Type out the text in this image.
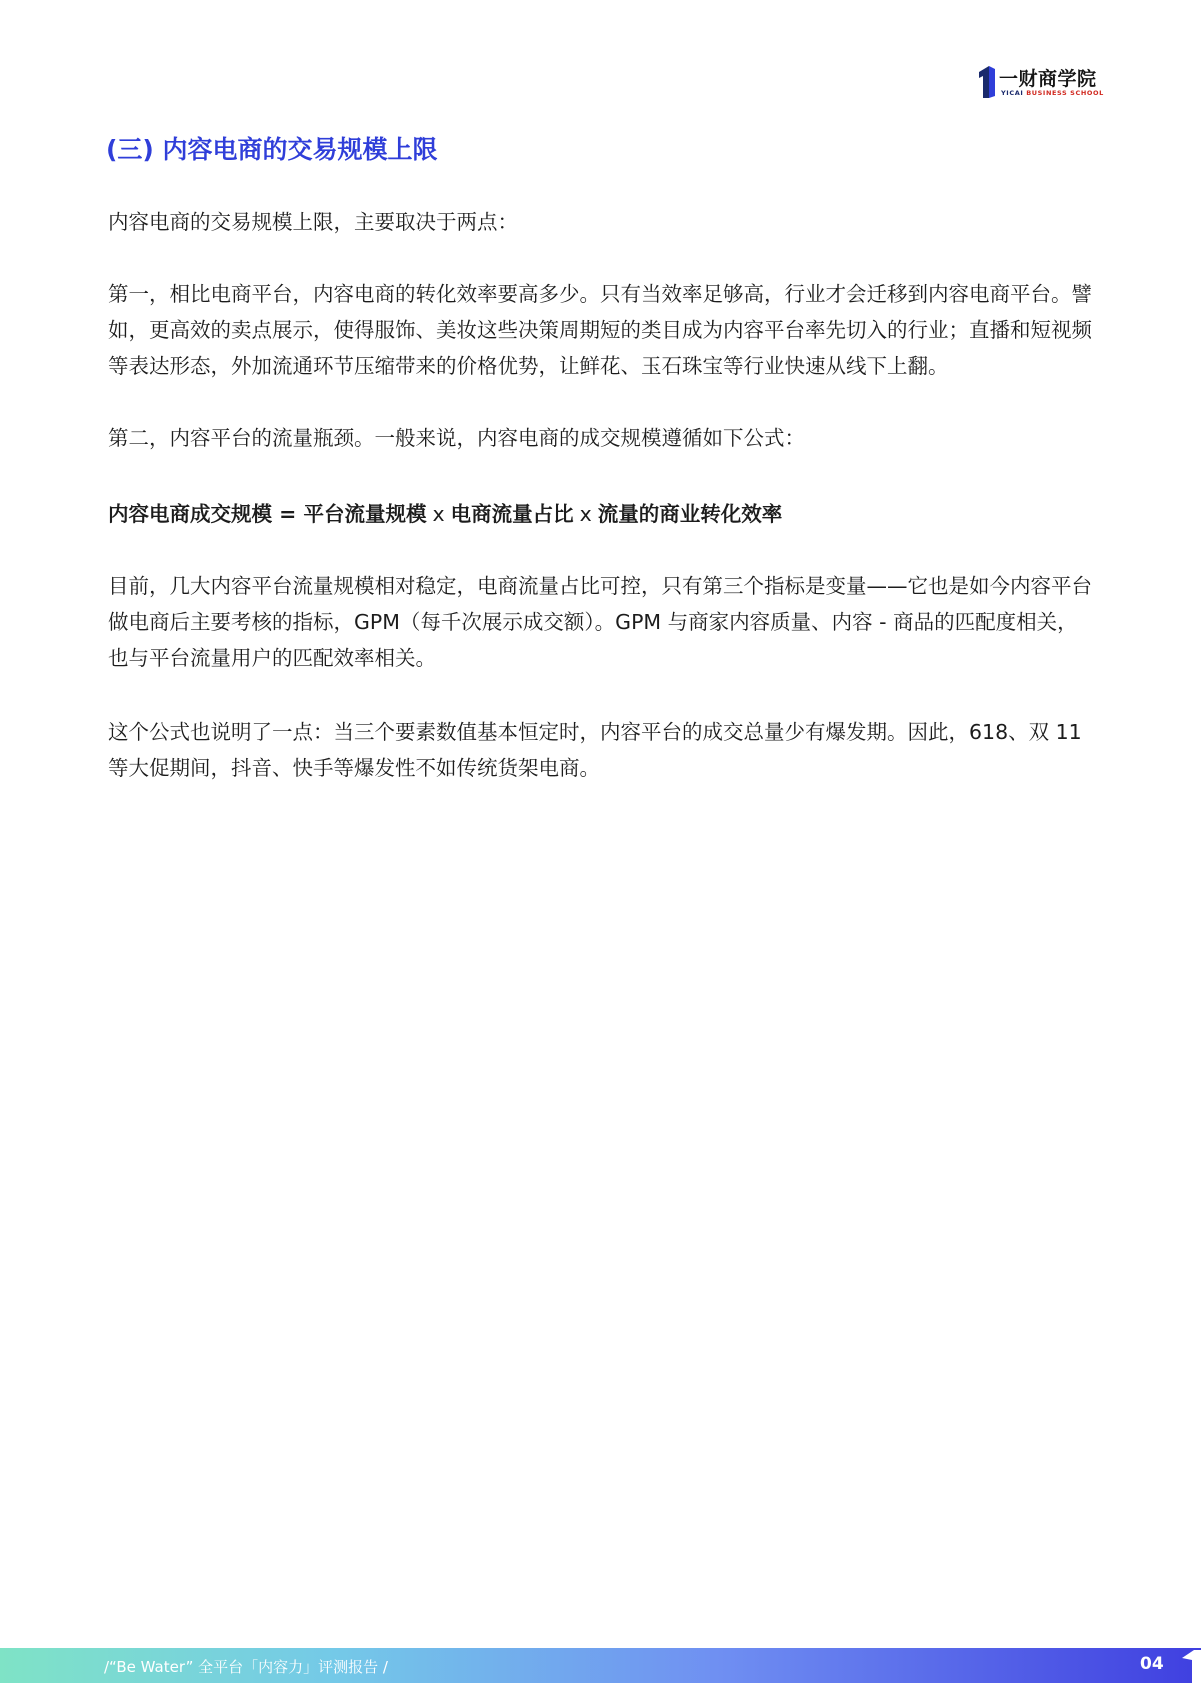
一财商学院
YICAI BUSINESS SCHOOL
(三) 内容电商的交易规模上限

内容电商的交易规模上限，主要取决于两点：

第一，相比电商平台，内容电商的转化效率要高多少。只有当效率足够高，行业才会迁移到内容电商平台。譬如，更高效的卖点展示，使得服饰、美妆这些决策周期短的类目成为内容平台率先切入的行业；直播和短视频等表达形态，外加流通环节压缩带来的价格优势，让鲜花、玉石珠宝等行业快速从线下上翻。

第二，内容平台的流量瓶颈。一般来说，内容电商的成交规模遵循如下公式：

内容电商成交规模 = 平台流量规模 x 电商流量占比 x 流量的商业转化效率

目前，几大内容平台流量规模相对稳定，电商流量占比可控，只有第三个指标是变量——它也是如今内容平台做电商后主要考核的指标，GPM（每千次展示成交额）。GPM 与商家内容质量、内容 - 商品的匹配度相关，也与平台流量用户的匹配效率相关。

这个公式也说明了一点：当三个要素数值基本恒定时，内容平台的成交总量少有爆发期。因此，618、双 11 等大促期间，抖音、快手等爆发性不如传统货架电商。

/“Be Water” 全平台「内容力」评测报告 /	04
